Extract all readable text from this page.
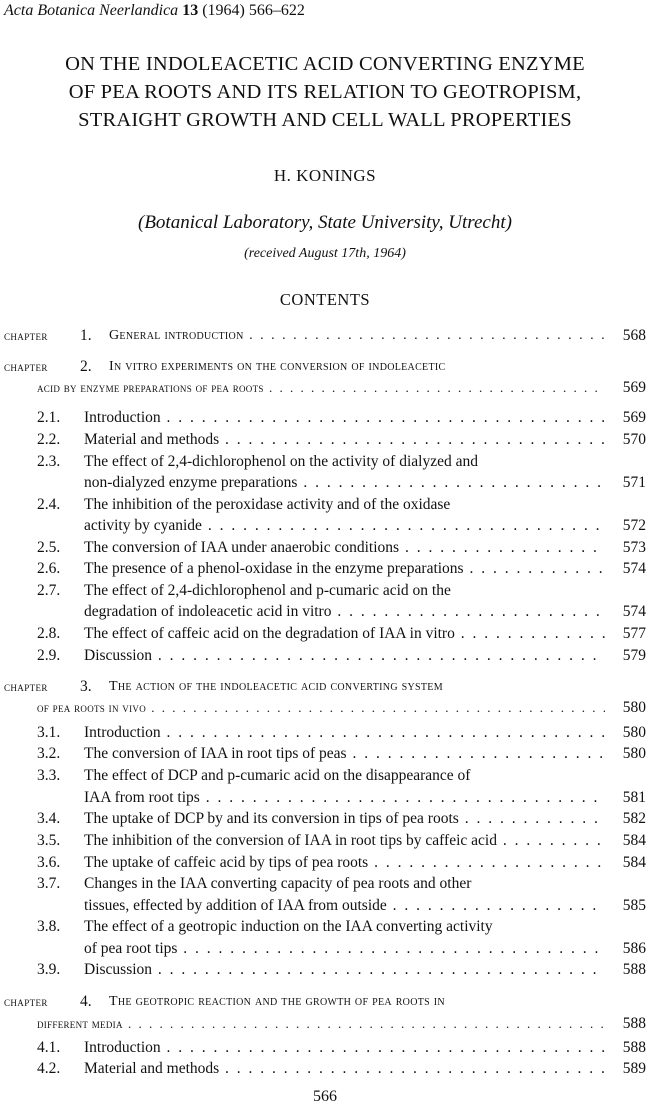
Acta Botanica Neerlandica 13 (1964) 566–622
ON THE INDOLEACETIC ACID CONVERTING ENZYME
OF PEA ROOTS AND ITS RELATION TO GEOTROPISM,
STRAIGHT GROWTH AND CELL WALL PROPERTIES
H. KONINGS
(Botanical Laboratory, State University, Utrecht)
(received August 17th, 1964)
CONTENTS
chapter 1. General introduction . . .	568
chapter 2. In vitro experiments on the conversion of indoleacetic
acid by enzyme preparations of pea roots . . .	569
2.1. Introduction . . .	569
2.2. Material and methods . . .	570
2.3. The effect of 2,4-dichlorophenol on the activity of dialyzed and
non-dialyzed enzyme preparations . . .	571
2.4. The inhibition of the peroxidase activity and of the oxidase
activity by cyanide . . .	572
2.5. The conversion of IAA under anaerobic conditions . . .	573
2.6. The presence of a phenol-oxidase in the enzyme preparations . . .	574
2.7. The effect of 2,4-dichlorophenol and p-cumaric acid on the
degradation of indoleacetic acid in vitro . . .	574
2.8. The effect of caffeic acid on the degradation of IAA in vitro . . .	577
2.9. Discussion . . .	579
chapter 3. The action of the indoleacetic acid converting system
of pea roots in vivo . . .	580
3.1. Introduction . . .	580
3.2. The conversion of IAA in root tips of peas . . .	580
3.3. The effect of DCP and p-cumaric acid on the disappearance of
IAA from root tips . . .	581
3.4. The uptake of DCP by and its conversion in tips of pea roots . . .	582
3.5. The inhibition of the conversion of IAA in root tips by caffeic acid . . .	584
3.6. The uptake of caffeic acid by tips of pea roots . . .	584
3.7. Changes in the IAA converting capacity of pea roots and other
tissues, effected by addition of IAA from outside . . .	585
3.8. The effect of a geotropic induction on the IAA converting activity
of pea root tips . . .	586
3.9. Discussion . . .	588
chapter 4. The geotropic reaction and the growth of pea roots in
different media . . .	588
4.1. Introduction . . .	588
4.2. Material and methods . . .	589
566
